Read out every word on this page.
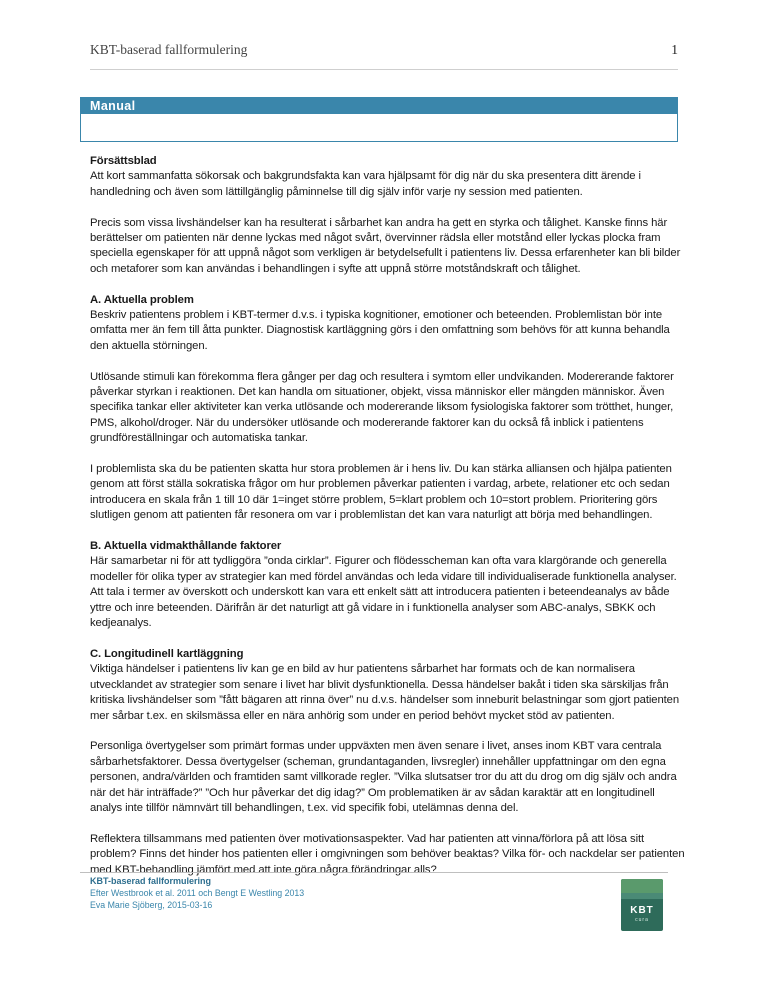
KBT-baserad fallformulering	1
Manual

Försättsblad
Att kort sammanfatta sökorsak och bakgrundsfakta kan vara hjälpsamt för dig när du ska presentera ditt ärende i handledning och även som lättillgänglig påminnelse till dig själv inför varje ny session med patienten.

Precis som vissa livshändelser kan ha resulterat i sårbarhet kan andra ha gett en styrka och tålighet. Kanske finns här berättelser om patienten när denne lyckas med något svårt, övervinner rädsla eller motstånd eller lyckas plocka fram speciella egenskaper för att uppnå något som verkligen är betydelsefullt i patientens liv. Dessa erfarenheter kan bli bilder och metaforer som kan användas i behandlingen i syfte att uppnå större motståndskraft och tålighet.

A. Aktuella problem
Beskriv patientens problem i KBT-termer d.v.s. i typiska kognitioner, emotioner och beteenden. Problemlistan bör inte omfatta mer än fem till åtta punkter. Diagnostisk kartläggning görs i den omfattning som behövs för att kunna behandla den aktuella störningen.

Utlösande stimuli kan förekomma flera gånger per dag och resultera i symtom eller undvikanden. Modererande faktorer påverkar styrkan i reaktionen. Det kan handla om situationer, objekt, vissa människor eller mängden människor. Även specifika tankar eller aktiviteter kan verka utlösande och modererande liksom fysiologiska faktorer som trötthet, hunger, PMS, alkohol/droger. När du undersöker utlösande och modererande faktorer kan du också få inblick i patientens grundföreställningar och automatiska tankar.

I problemlista ska du be patienten skatta hur stora problemen är i hens liv. Du kan stärka alliansen och hjälpa patienten genom att först ställa sokratiska frågor om hur problemen påverkar patienten i vardag, arbete, relationer etc och sedan introducera en skala från 1 till 10 där 1=inget större problem, 5=klart problem och 10=stort problem. Prioritering görs slutligen genom att patienten får resonera om var i problemlistan det kan vara naturligt att börja med behandlingen.

B. Aktuella vidmakthållande faktorer
Här samarbetar ni för att tydliggöra ”onda cirklar”. Figurer och flödesscheman kan ofta vara klargörande och generella modeller för olika typer av strategier kan med fördel användas och leda vidare till individualiserade funktionella analyser. Att tala i termer av överskott och underskott kan vara ett enkelt sätt att introducera patienten i beteendeanalys av både yttre och inre beteenden. Därifrån är det naturligt att gå vidare in i funktionella analyser som ABC-analys, SBKK och kedjeanalys.

C. Longitudinell kartläggning
Viktiga händelser i patientens liv kan ge en bild av hur patientens sårbarhet har formats och de kan normalisera utvecklandet av strategier som senare i livet har blivit dysfunktionella. Dessa händelser bakåt i tiden ska särskiljas från kritiska livshändelser som ”fått bägaren att rinna över” nu d.v.s. händelser som inneburit belastningar som gjort patienten mer sårbar t.ex. en skilsmässa eller en nära anhörig som under en period behövt mycket stöd av patienten.

Personliga övertygelser som primärt formas under uppväxten men även senare i livet, anses inom KBT vara centrala sårbarhetsfaktorer. Dessa övertygelser (scheman, grundantaganden, livsregler) innehåller uppfattningar om den egna personen, andra/världen och framtiden samt villkorade regler. ”Vilka slutsatser tror du att du drog om dig själv och andra när det här inträffade?” ”Och hur påverkar det dig idag?” Om problematiken är av sådan karaktär att en longitudinell analys inte tillför nämnvärt till behandlingen, t.ex. vid specifik fobi, utelämnas denna del.

Reflektera tillsammans med patienten över motivationsaspekter. Vad har patienten att vinna/förlora på att lösa sitt problem? Finns det hinder hos patienten eller i omgivningen som behöver beaktas? Vilka för- och nackdelar ser patienten med KBT-behandling jämfört med att inte göra några förändringar alls?

KBT-baserad fallformulering
Efter Westbrook et al. 2011 och Bengt E Westling 2013
Eva Marie Sjöberg, 2015-03-16	KBT
cura
